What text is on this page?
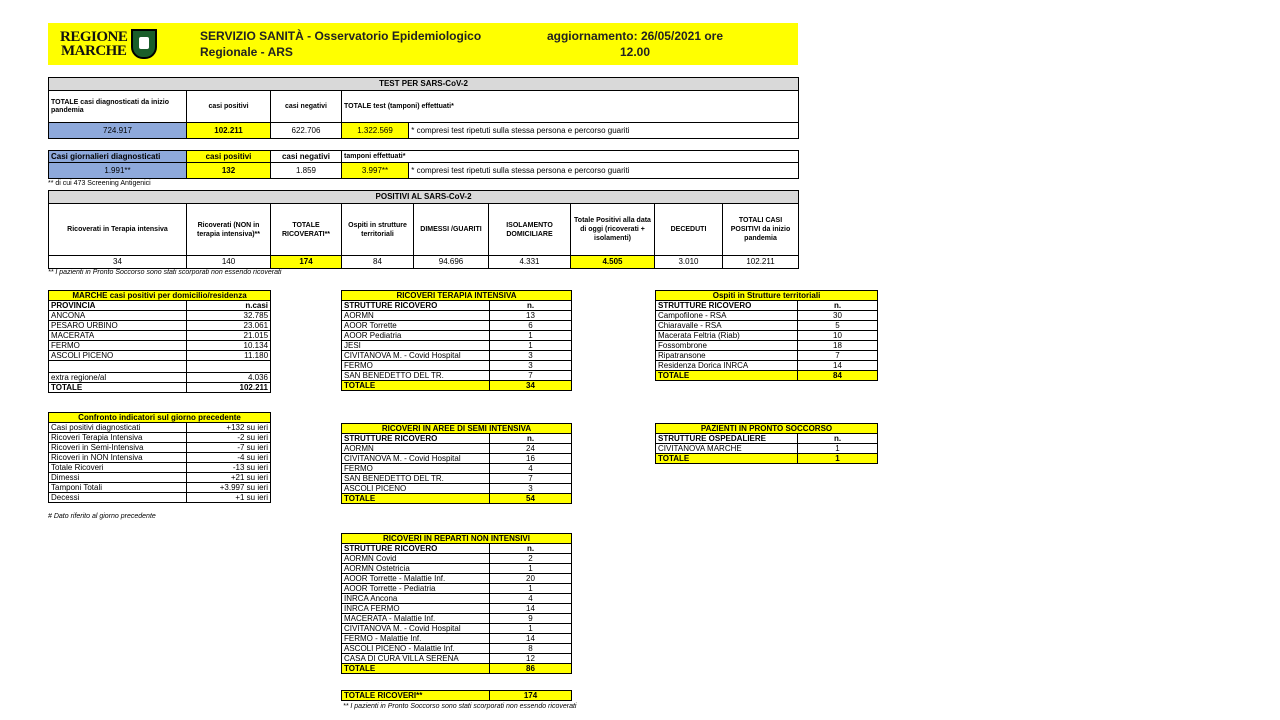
REGIONE
MARCHE
SERVIZIO SANITÀ - Osservatorio Epidemiologico
Regionale - ARS
aggiornamento: 26/05/2021 ore
12.00
TEST PER SARS-CoV-2			
TOTALE casi diagnosticati da inizio pandemia	casi positivi	casi negativi	TOTALE test (tamponi) effettuati*
724.917	102.211	622.706	1.322.569 * compresi test ripetuti sulla stessa persona e percorso guariti
Casi giornalieri diagnosticati	casi positivi	casi negativi	tamponi effettuati*
1.991**	132	1.859	3.997** * compresi test ripetuti sulla stessa persona e percorso guariti
** di cui 473 Screening Antigenici
POSITIVI AL SARS-CoV-2								
Ricoverati in Terapia intensiva	Ricoverati (NON in terapia intensiva)**	TOTALE RICOVERATI**	Ospiti in strutture territoriali	DIMESSI /GUARITI	ISOLAMENTO DOMICILIARE	Totale Positivi alla data di oggi (ricoverati + isolamenti)	DECEDUTI	TOTALI CASI POSITIVI da inizio pandemia
34	140	174	84	94.696	4.331	4.505	3.010	102.211
** I pazienti in Pronto Soccorso sono stati scorporati non essendo ricoverati
MARCHE casi positivi per domicilio/residenza	
PROVINCIA	n.casi
ANCONA	32.785
PESARO URBINO	23.061
MACERATA	21.015
FERMO	10.134
ASCOLI PICENO	11.180

extra regione/al	4.036
TOTALE	102.211
Confronto indicatori sul giorno precedente	
Casi positivi diagnosticati	+132 su ieri
Ricoveri Terapia Intensiva	-2 su ieri
Ricoveri in Semi-Intensiva	-7 su ieri
Ricoveri in NON Intensiva	-4 su ieri
Totale Ricoveri	-13 su ieri
Dimessi	+21 su ieri
Tamponi Totali	+3.997 su ieri
Decessi	+1 su ieri
# Dato riferito al giorno precedente
RICOVERI TERAPIA INTENSIVA	
STRUTTURE RICOVERO	n.
AORMN	13
AOOR Torrette	6
AOOR Pediatria	1
JESI	1
CIVITANOVA M. - Covid Hospital	3
FERMO	3
SAN BENEDETTO DEL TR.	7
TOTALE	34
RICOVERI IN AREE DI SEMI INTENSIVA	
STRUTTURE RICOVERO	n.
AORMN	24
CIVITANOVA M. - Covid Hospital	16
FERMO	4
SAN BENEDETTO DEL TR.	7
ASCOLI PICENO	3
TOTALE	54
RICOVERI IN REPARTI NON INTENSIVI	
STRUTTURE RICOVERO	n.
AORMN Covid	2
AORMN Ostetricia	1
AOOR Torrette - Malattie Inf.	20
AOOR Torrette - Pediatria	1
INRCA Ancona	4
INRCA FERMO	14
MACERATA - Malattie Inf.	9
CIVITANOVA M. - Covid Hospital	1
FERMO - Malattie Inf.	14
ASCOLI PICENO - Malattie Inf.	8
CASA DI CURA VILLA SERENA	12
TOTALE	86
TOTALE RICOVERI**	174
** I pazienti in Pronto Soccorso sono stati scorporati non essendo ricoverati
Ospiti in Strutture territoriali	
STRUTTURE RICOVERO	n.
Campofilone - RSA	30
Chiaravalle - RSA	5
Macerata Feltria (Riab)	10
Fossombrone	18
Ripatransone	7
Residenza Dorica INRCA	14
TOTALE	84
PAZIENTI IN PRONTO SOCCORSO	
STRUTTURE OSPEDALIERE	n.
CIVITANOVA MARCHE	1
TOTALE	1
